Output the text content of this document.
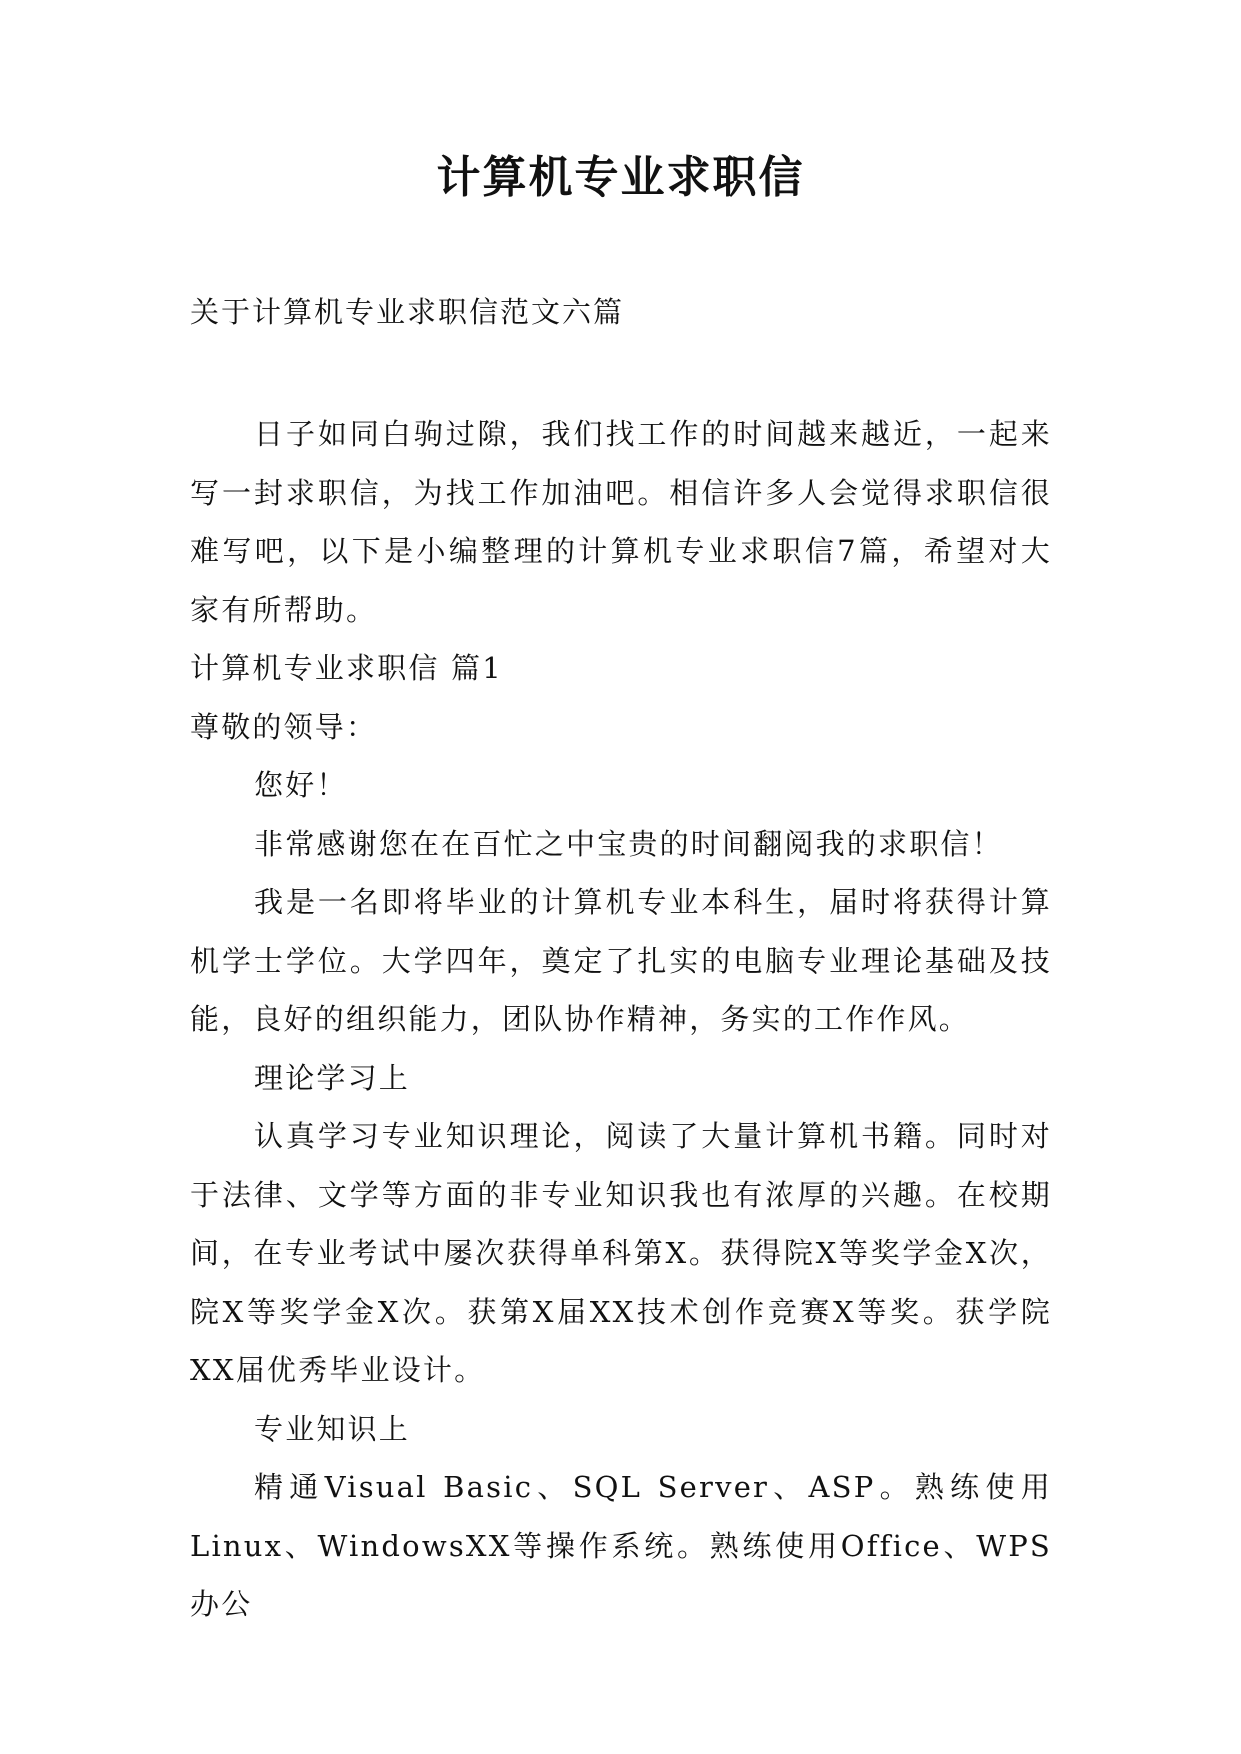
计算机专业求职信
关于计算机专业求职信范文六篇

日子如同白驹过隙，我们找工作的时间越来越近，一起来写一封求职信，为找工作加油吧。相信许多人会觉得求职信很难写吧，以下是小编整理的计算机专业求职信7篇，希望对大家有所帮助。

计算机专业求职信 篇1

尊敬的领导：

您好！

非常感谢您在在百忙之中宝贵的时间翻阅我的求职信！

我是一名即将毕业的计算机专业本科生，届时将获得计算机学士学位。大学四年，奠定了扎实的电脑专业理论基础及技能，良好的组织能力，团队协作精神，务实的工作作风。

理论学习上

认真学习专业知识理论，阅读了大量计算机书籍。同时对于法律、文学等方面的非专业知识我也有浓厚的兴趣。在校期间，在专业考试中屡次获得单科第X。获得院X等奖学金X次，院X等奖学金X次。获第X届XX技术创作竞赛X等奖。获学院XX届优秀毕业设计。

专业知识上

精通Visual Basic、SQL Server、ASP。熟练使用Linux、WindowsXX等操作系统。熟练使用Office、WPS办公
